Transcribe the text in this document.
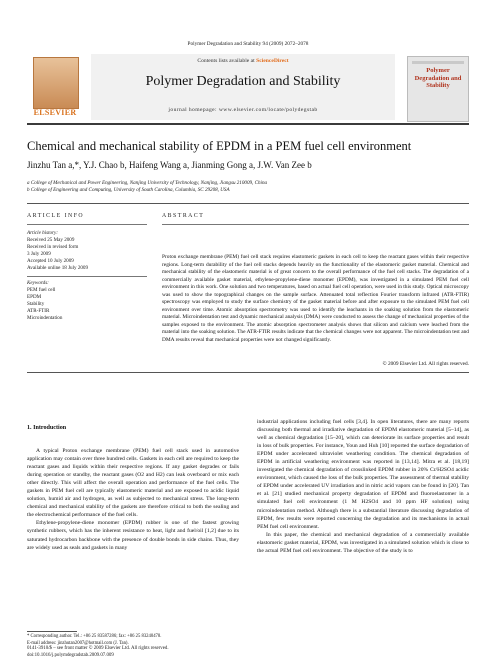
Polymer Degradation and Stability 94 (2009) 2072–2078
ELSEVIER
Contents lists available at ScienceDirect
Polymer Degradation and Stability
journal homepage: www.elsevier.com/locate/polydegstab
Polymer Degradation and Stability
Chemical and mechanical stability of EPDM in a PEM fuel cell environment
Jinzhu Tan a,*, Y.J. Chao b, Haifeng Wang a, Jianming Gong a, J.W. Van Zee b
a College of Mechanical and Power Engineering, Nanjing University of Technology, Nanjing, Jiangsu 210009, China
b College of Engineering and Computing, University of South Carolina, Columbia, SC 29208, USA
ARTICLE INFO	ABSTRACT
Article history:
Received 25 May 2009
Received in revised form
3 July 2009
Accepted 10 July 2009
Available online 18 July 2009
Keywords:
PEM fuel cell
EPDM
Stability
ATR-FTIR
Microindentation
Proton exchange membrane (PEM) fuel cell stack requires elastomeric gaskets in each cell to keep the reactant gases within their respective regions. Long-term durability of the fuel cell stacks depends heavily on the functionality of the elastomeric gasket material. Chemical and mechanical stability of the elastomeric material is of great concern to the overall performance of the fuel cell stacks. The degradation of a commercially available gasket material, ethylene-propylene-diene monomer (EPDM), was investigated in a simulated PEM fuel cell environment in this work. One solution and two temperatures, based on actual fuel cell operation, were used in this study. Optical microscopy was used to show the topographical changes on the sample surface. Attenuated total reflection Fourier transform infrared (ATR-FTIR) spectroscopy was employed to study the surface chemistry of the gasket material before and after exposure to the simulated PEM fuel cell environment over time. Atomic absorption spectrometry was used to identify the leachants in the soaking solution from the elastomeric material. Microindentation test and dynamic mechanical analysis (DMA) were conducted to assess the change of mechanical properties of the samples exposed to the environment. The atomic absorption spectrometer analysis shows that silicon and calcium were leached from the material into the soaking solution. The ATR-FTIR results indicate that the chemical changes were not apparent. The microindentation test and DMA results reveal that mechanical properties were not changed significantly.
© 2009 Elsevier Ltd. All rights reserved.
1. Introduction

A typical Proton exchange membrane (PEM) fuel cell stack used in automotive application may contain over three hundred cells. Gaskets in each cell are required to keep the reactant gases and liquids within their respective regions. If any gasket degrades or fails during operation or standby, the reactant gases (O2 and H2) can leak overboard or mix each other directly. This will affect the overall operation and performance of the fuel cells. The gaskets in PEM fuel cell are typically elastomeric material and are exposed to acidic liquid solution, humid air and hydrogen, as well as subjected to mechanical stress. The long-term chemical and mechanical stability of the gaskets are therefore critical to both the sealing and the electrochemical performance of the fuel cells.

Ethylene-propylene-diene monomer (EPDM) rubber is one of the fastest growing synthetic rubbers, which has the inherent resistance to heat, light and fuel/oil [1,2] due to its saturated hydrocarbon backbone with the presence of double bonds in side chains. Thus, they are widely used as seals and gaskets in many

industrial applications including fuel cells [3,4]. In open literatures, there are many reports discussing both thermal and irradiative degradation of EPDM elastomeric material [5–14], as well as chemical degradation [15–20], which can deteriorate its surface properties and result in loss of bulk properties. For instance, Youn and Huh [10] reported the surface degradation of EPDM under accelerated ultraviolet weathering condition. The chemical degradation of EPDM in artificial weathering environment was reported in [13,14]. Mitra et al. [18,19] investigated the chemical degradation of crosslinked EPDM rubber in 20% Cr/H2SO4 acidic environment, which caused the loss of the bulk properties. The assessment of thermal stability of EPDM under accelerated UV irradiation and in nitric acid vapors can be found in [20]. Tan et al. [21] studied mechanical property degradation of EPDM and fluoroelastomer in a simulated fuel cell environment (1 M H2SO4 and 10 ppm HF solution) using microindentation method. Although there is a substantial literature discussing degradation of EPDM, few results were reported concerning the degradation and its mechanisms in actual PEM fuel cell environment.

In this paper, the chemical and mechanical degradation of a commercially available elastomeric gasket material, EPDM, was investigated in a simulated solution which is close to the actual PEM fuel cell environment. The objective of the study is to

* Corresponding author. Tel.: +86 25 83587286; fax: +86 25 83240478.
E-mail address: jinzhutan2007@hotmail.com (J. Tan).
0141-3910/$ – see front matter © 2009 Elsevier Ltd. All rights reserved.
doi:10.1016/j.polymdegradstab.2009.07.009
